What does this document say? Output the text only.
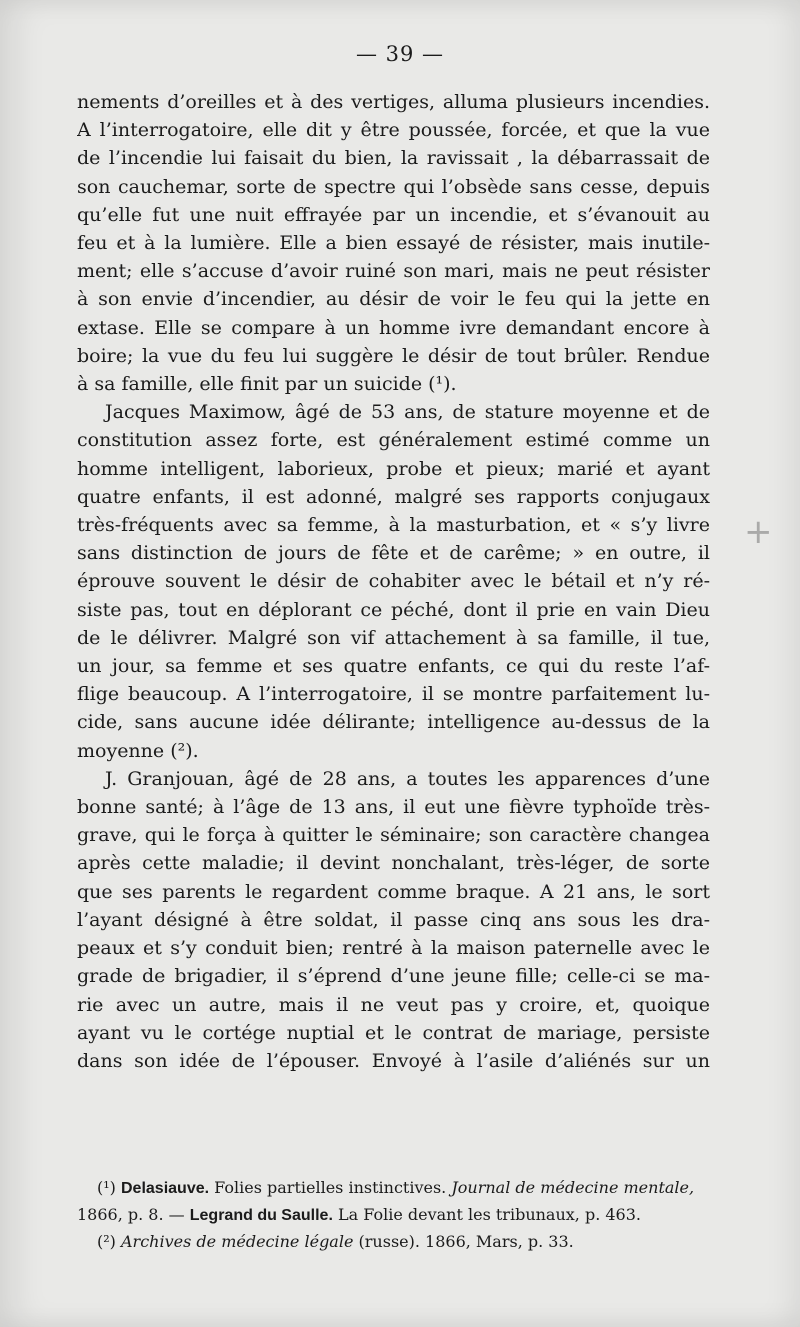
— 39 —
nements d’oreilles et à des vertiges, alluma plusieurs incendies.
A l’interrogatoire, elle dit y être poussée, forcée, et que la vue
de l’incendie lui faisait du bien, la ravissait , la débarrassait de
son cauchemar, sorte de spectre qui l’obsède sans cesse, depuis
qu’elle fut une nuit effrayée par un incendie, et s’évanouit au
feu et à la lumière. Elle a bien essayé de résister, mais inutile-
ment; elle s’accuse d’avoir ruiné son mari, mais ne peut résister
à son envie d’incendier, au désir de voir le feu qui la jette en
extase. Elle se compare à un homme ivre demandant encore à
boire; la vue du feu lui suggère le désir de tout brûler. Rendue
à sa famille, elle finit par un suicide (¹).
Jacques Maximow, âgé de 53 ans, de stature moyenne et de
constitution assez forte, est généralement estimé comme un
homme intelligent, laborieux, probe et pieux; marié et ayant
quatre enfants, il est adonné, malgré ses rapports conjugaux
très-fréquents avec sa femme, à la masturbation, et « s’y livre
sans distinction de jours de fête et de carême; » en outre, il
éprouve souvent le désir de cohabiter avec le bétail et n’y ré-
siste pas, tout en déplorant ce péché, dont il prie en vain Dieu
de le délivrer. Malgré son vif attachement à sa famille, il tue,
un jour, sa femme et ses quatre enfants, ce qui du reste l’af-
flige beaucoup. A l’interrogatoire, il se montre parfaitement lu-
cide, sans aucune idée délirante; intelligence au-dessus de la
moyenne (²).
J. Granjouan, âgé de 28 ans, a toutes les apparences d’une
bonne santé; à l’âge de 13 ans, il eut une fièvre typhoïde très-
grave, qui le força à quitter le séminaire; son caractère changea
après cette maladie; il devint nonchalant, très-léger, de sorte
que ses parents le regardent comme braque. A 21 ans, le sort
l’ayant désigné à être soldat, il passe cinq ans sous les dra-
peaux et s’y conduit bien; rentré à la maison paternelle avec le
grade de brigadier, il s’éprend d’une jeune fille; celle-ci se ma-
rie avec un autre, mais il ne veut pas y croire, et, quoique
ayant vu le cortége nuptial et le contrat de mariage, persiste
dans son idée de l’épouser. Envoyé à l’asile d’aliénés sur un
(¹) Delasiauve. Folies partielles instinctives. Journal de médecine mentale,
1866, p. 8. — Legrand du Saulle. La Folie devant les tribunaux, p. 463.
(²) Archives de médecine légale (russe). 1866, Mars, p. 33.
+
